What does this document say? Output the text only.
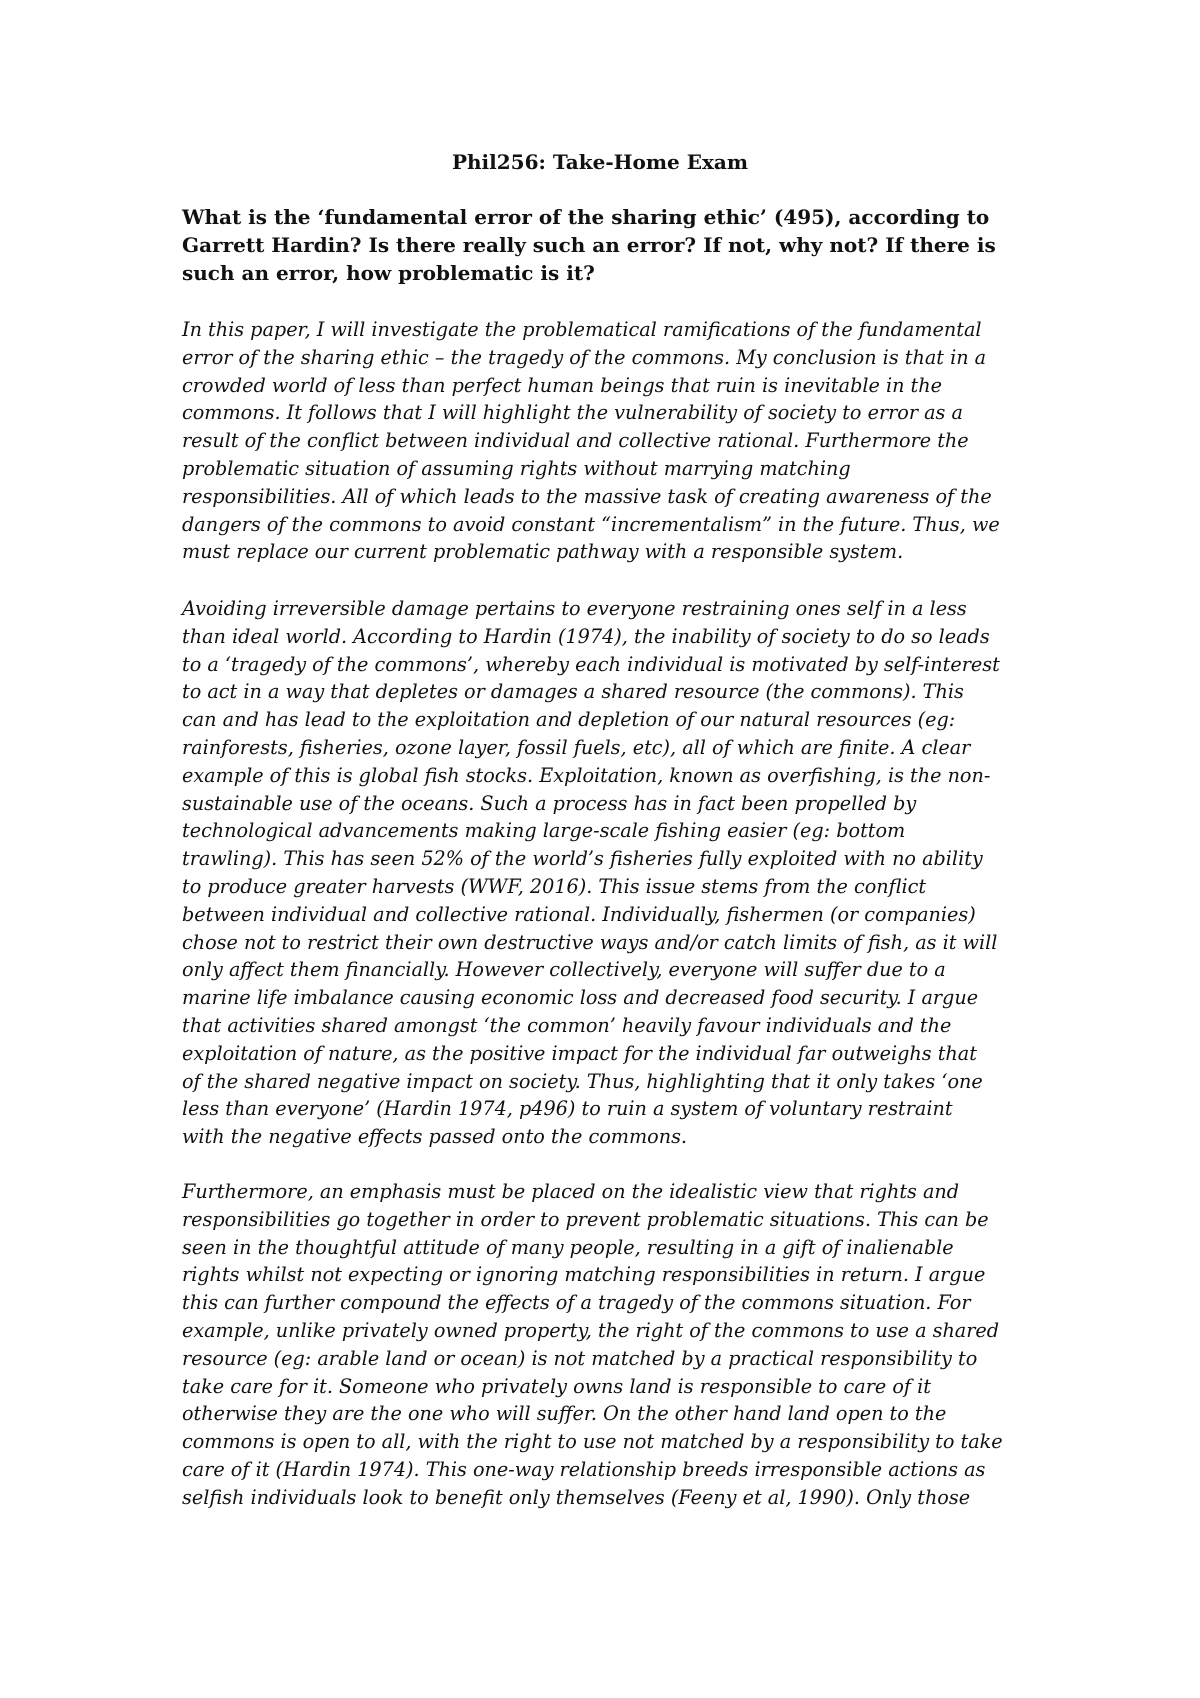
Phil256: Take-Home Exam
What is the ‘fundamental error of the sharing ethic’ (495), according to
Garrett Hardin? Is there really such an error? If not, why not? If there is
such an error, how problematic is it?
In this paper, I will investigate the problematical ramifications of the fundamental
error of the sharing ethic – the tragedy of the commons. My conclusion is that in a
crowded world of less than perfect human beings that ruin is inevitable in the
commons. It follows that I will highlight the vulnerability of society to error as a
result of the conflict between individual and collective rational. Furthermore the
problematic situation of assuming rights without marrying matching
responsibilities. All of which leads to the massive task of creating awareness of the
dangers of the commons to avoid constant “incrementalism” in the future. Thus, we
must replace our current problematic pathway with a responsible system.
Avoiding irreversible damage pertains to everyone restraining ones self in a less
than ideal world. According to Hardin (1974), the inability of society to do so leads
to a ‘tragedy of the commons’, whereby each individual is motivated by self-interest
to act in a way that depletes or damages a shared resource (the commons). This
can and has lead to the exploitation and depletion of our natural resources (eg:
rainforests, fisheries, ozone layer, fossil fuels, etc), all of which are finite. A clear
example of this is global fish stocks. Exploitation, known as overfishing, is the non-
sustainable use of the oceans. Such a process has in fact been propelled by
technological advancements making large-scale fishing easier (eg: bottom
trawling). This has seen 52% of the world’s fisheries fully exploited with no ability
to produce greater harvests (WWF, 2016). This issue stems from the conflict
between individual and collective rational. Individually, fishermen (or companies)
chose not to restrict their own destructive ways and/or catch limits of fish, as it will
only affect them financially. However collectively, everyone will suffer due to a
marine life imbalance causing economic loss and decreased food security. I argue
that activities shared amongst ‘the common’ heavily favour individuals and the
exploitation of nature, as the positive impact for the individual far outweighs that
of the shared negative impact on society. Thus, highlighting that it only takes ‘one
less than everyone’ (Hardin 1974, p496) to ruin a system of voluntary restraint
with the negative effects passed onto the commons.
Furthermore, an emphasis must be placed on the idealistic view that rights and
responsibilities go together in order to prevent problematic situations. This can be
seen in the thoughtful attitude of many people, resulting in a gift of inalienable
rights whilst not expecting or ignoring matching responsibilities in return. I argue
this can further compound the effects of a tragedy of the commons situation. For
example, unlike privately owned property, the right of the commons to use a shared
resource (eg: arable land or ocean) is not matched by a practical responsibility to
take care for it. Someone who privately owns land is responsible to care of it
otherwise they are the one who will suffer. On the other hand land open to the
commons is open to all, with the right to use not matched by a responsibility to take
care of it (Hardin 1974). This one-way relationship breeds irresponsible actions as
selfish individuals look to benefit only themselves (Feeny et al, 1990). Only those
